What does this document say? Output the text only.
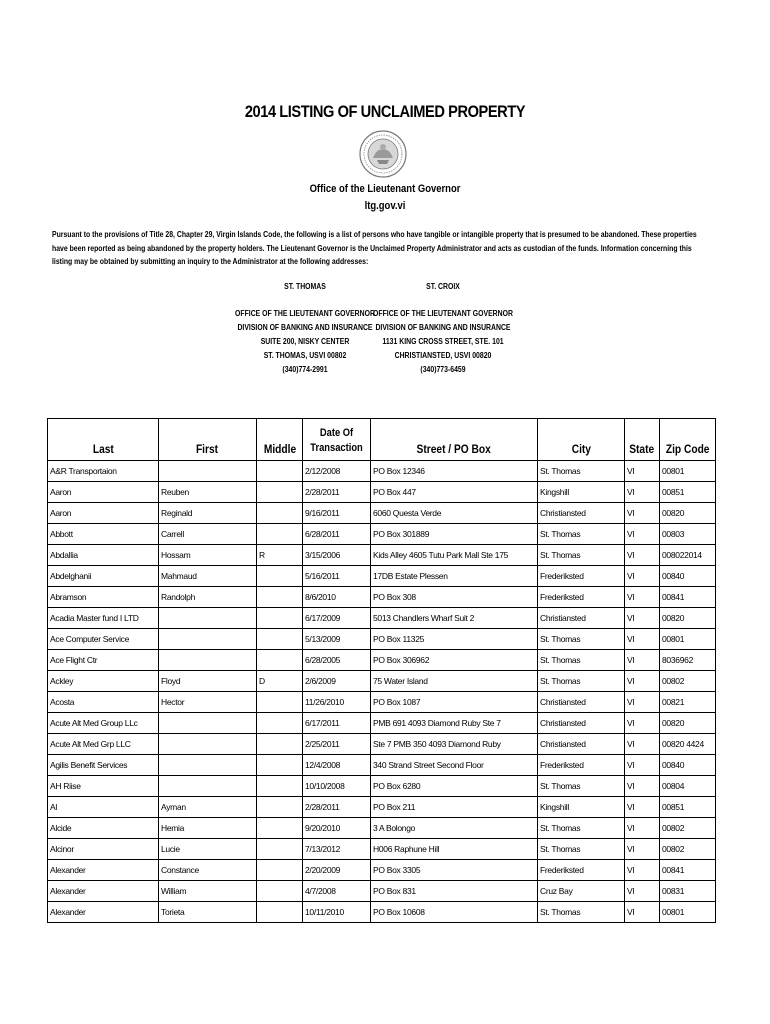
2014 LISTING OF UNCLAIMED PROPERTY
Office of the Lieutenant Governor
ltg.gov.vi
Pursuant to the provisions of Title 28, Chapter 29, Virgin Islands Code, the following is a list of persons who have tangible or intangible property that is presumed to be abandoned. These properties have been reported as being abandoned by the property holders. The Lieutenant Governor is the Unclaimed Property Administrator and acts as custodian of the funds. Information concerning this listing may be obtained by submitting an inquiry to the Administrator at the following addresses:
ST. THOMAS
OFFICE OF THE LIEUTENANT GOVERNOR
DIVISION OF BANKING AND INSURANCE
SUITE 200, NISKY CENTER
ST. THOMAS, USVI 00802
(340)774-2991
ST. CROIX
OFFICE OF THE LIEUTENANT GOVERNOR
DIVISION OF BANKING AND INSURANCE
1131 KING CROSS STREET, STE. 101
CHRISTIANSTED, USVI 00820
(340)773-6459
Last	First	Middle	Date Of Transaction	Street / PO Box	City	State	Zip Code
A&R Transportaion			2/12/2008	PO Box 12346	St. Thomas	VI	00801
Aaron	Reuben		2/28/2011	PO Box 447	Kingshill	VI	00851
Aaron	Reginald		9/16/2011	6060 Questa Verde	Christiansted	VI	00820
Abbott	Carrell		6/28/2011	PO Box 301889	St. Thomas	VI	00803
Abdallia	Hossam	R	3/15/2006	Kids Alley 4605 Tutu Park Mall Ste 175	St. Thomas	VI	008022014
Abdelghanii	Mahmaud		5/16/2011	17DB Estate Plessen	Frederiksted	VI	00840
Abramson	Randolph		8/6/2010	PO Box 308	Frederiksted	VI	00841
Acadia Master fund I LTD			6/17/2009	5013 Chandlers Wharf Suit 2	Christiansted	VI	00820
Ace Computer Service			5/13/2009	PO Box 11325	St. Thomas	VI	00801
Ace Flight Ctr			6/28/2005	PO Box 306962	St. Thomas	VI	8036962
Ackley	Floyd	D	2/6/2009	75 Water Island	St. Thomas	VI	00802
Acosta	Hector		11/26/2010	PO Box 1087	Christiansted	VI	00821
Acute Alt Med Group LLc			6/17/2011	PMB 691 4093 Diamond Ruby Ste 7	Christiansted	VI	00820
Acute Alt Med Grp LLC			2/25/2011	Ste 7 PMB 350 4093 Diamond Ruby	Christiansted	VI	00820 4424
Agilis Benefit Services			12/4/2008	340 Strand Street Second Floor	Frederiksted	VI	00840
AH Riise			10/10/2008	PO Box 6280	St. Thomas	VI	00804
Al	Ayman		2/28/2011	PO Box 211	Kingshill	VI	00851
Alcide	Hemia		9/20/2010	3 A Bolongo	St. Thomas	VI	00802
Alcinor	Lucie		7/13/2012	H006 Raphune Hill	St. Thomas	VI	00802
Alexander	Constance		2/20/2009	PO Box 3305	Frederiksted	VI	00841
Alexander	William		4/7/2008	PO Box 831	Cruz Bay	VI	00831
Alexander	Torieta		10/11/2010	PO Box 10608	St. Thomas	VI	00801
